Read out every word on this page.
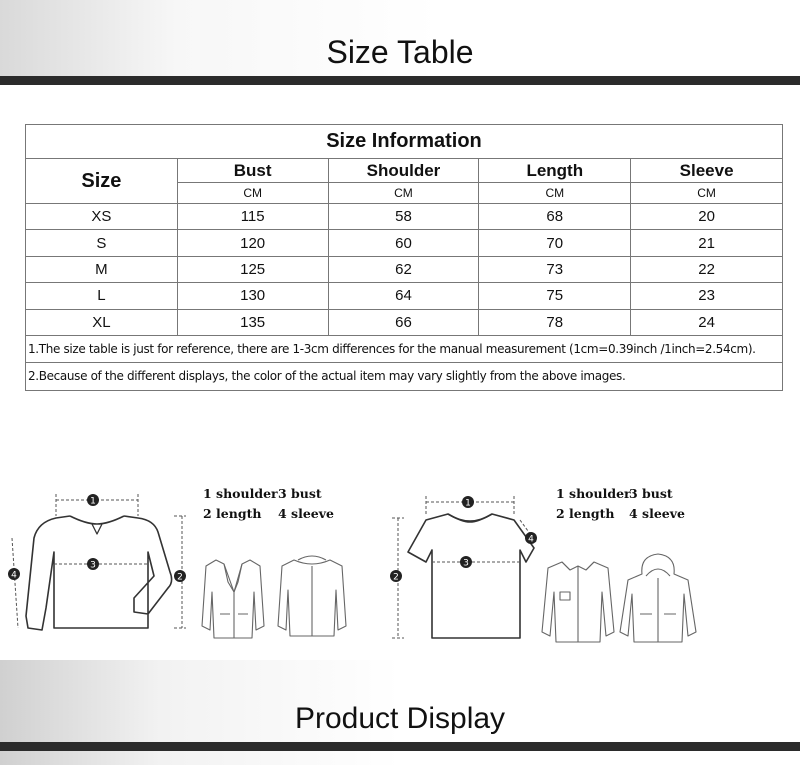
Size Table
Size Information				
Size	Bust	Shoulder	Length	Sleeve
	CM	CM	CM	CM
XS	115	58	68	20
S	120	60	70	21
M	125	62	73	22
L	130	64	75	23
XL	135	66	78	24
1.The size table is just for reference, there are 1-3cm differences for the manual measurement (1cm=0.39inch /1inch=2.54cm).				
2.Because of the different displays, the color of the actual item may vary slightly from the above images.				
1
3
2
4
1 shoulder 3 bust
2 length 4 sleeve
1
3
2
4
1 shoulder
3 bust
2 length 4 sleeve
Product Display
